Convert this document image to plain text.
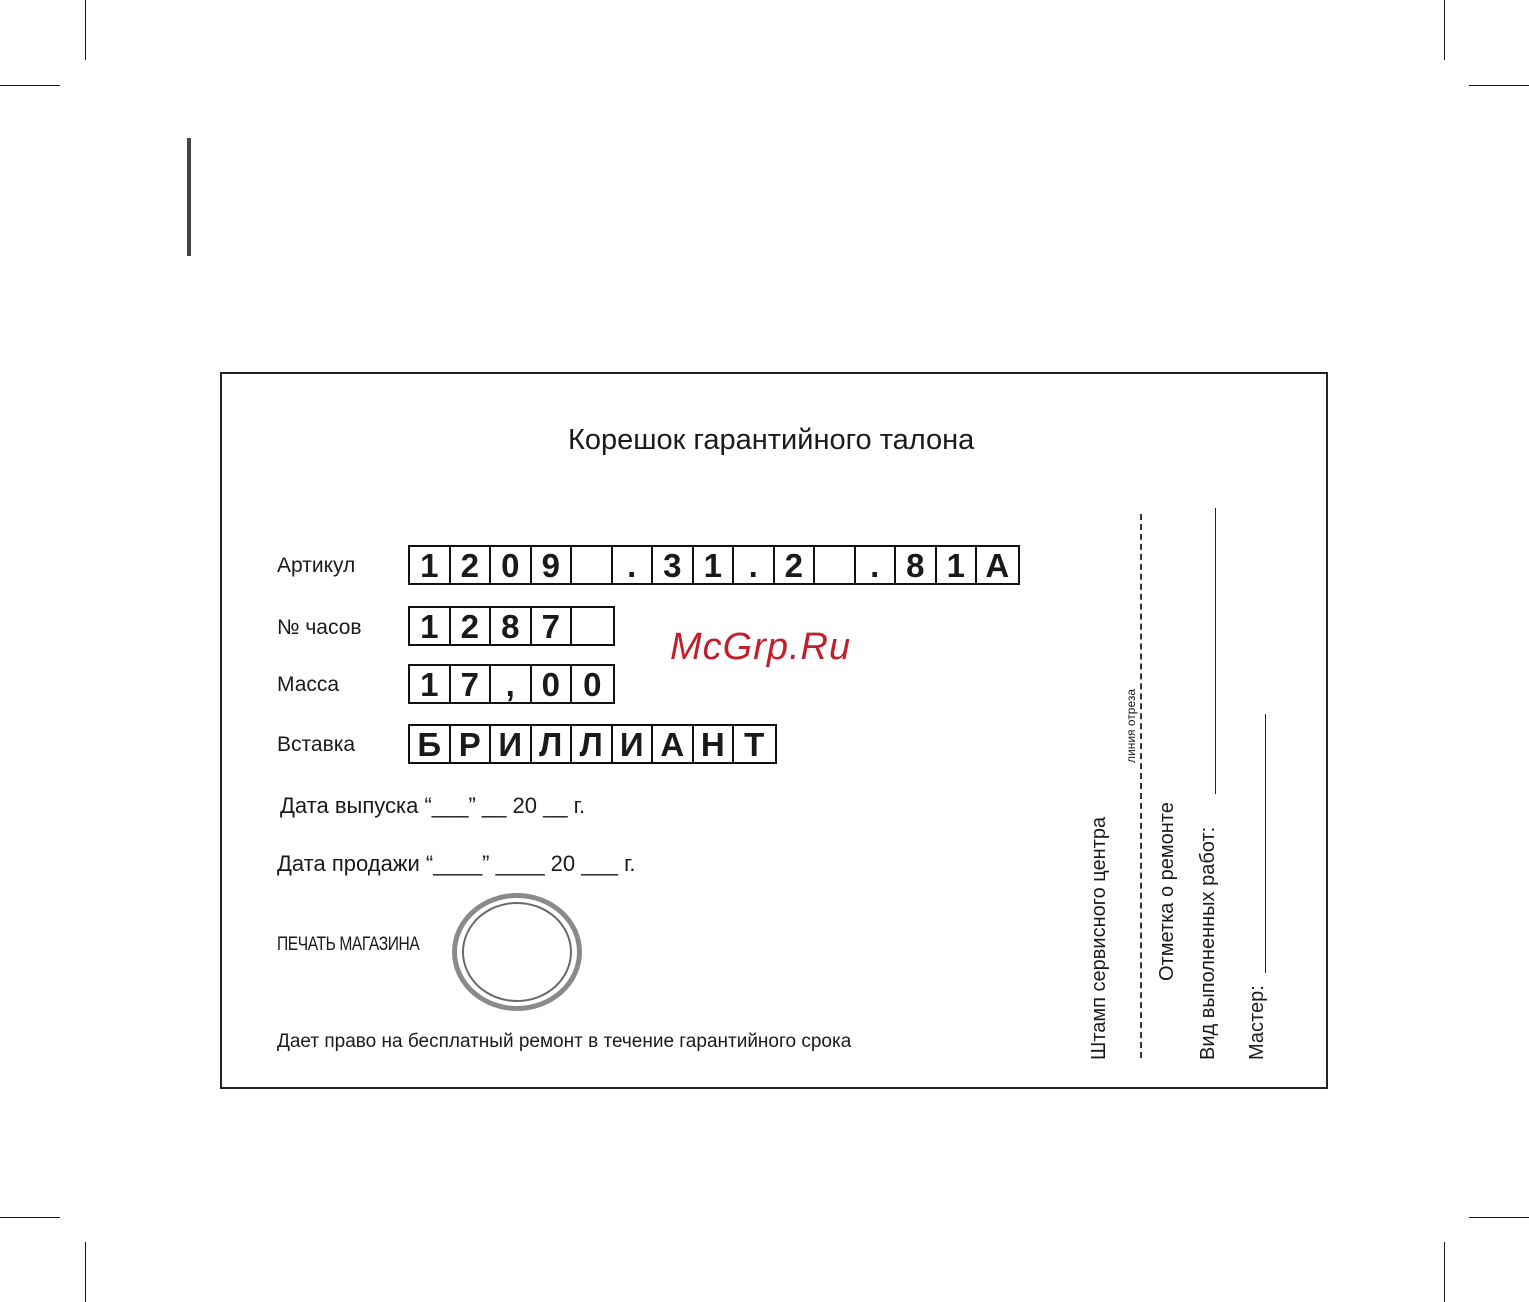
Корешок гарантийного талона
Артикул	1 2 0 9	. 3 1 . 2	. 8 1 А
№ часов	1 2 8 7
Масса	1 7 , 0 0
Вставка Б Р И Л Л И А Н Т
Дата выпуска “___” __ 20 __ г.
Дата продажи “____” ____ 20 ___ г.
ПЕЧАТЬ МАГАЗИНА
Дает право на бесплатный ремонт в течение гарантийного срока
McGrp.Ru
Штамп сервисного центра
линия отреза
Отметка о ремонте Вид выполненных работ: Мастер:
